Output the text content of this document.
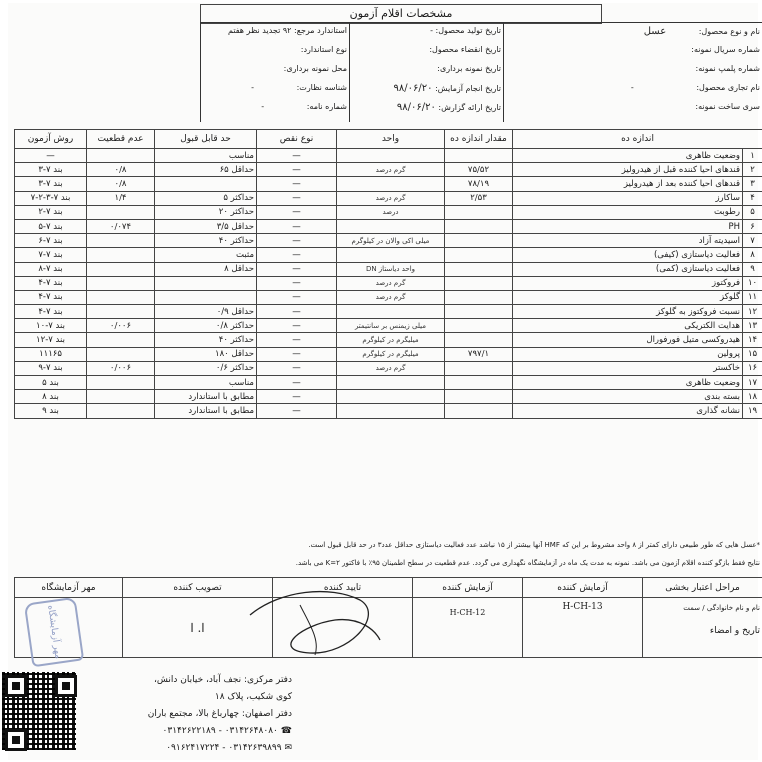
مشخصات اقلام آزمون
نام و نوع محصول: عسل
شماره سریال نمونه:
شماره پلمپ نمونه:
نام تجاری محصول: -
سری ساخت نمونه:
تاریخ تولید محصول: -
تاریخ انقضاء محصول:
تاریخ نمونه برداری:
تاریخ انجام آزمایش: ۹۸/۰۶/۲۰
تاریخ ارائه گزارش: ۹۸/۰۶/۲۰
استاندارد مرجع: ۹۲ تجدید نظر هفتم
نوع استاندارد:
محل نمونه برداری:
شناسه نظارت: -
شماره نامه: -
اندازه ده		مقدار اندازه ده	واحد	نوع نقص	حد قابل قبول	عدم قطعیت	روش آزمون
۱	وضعیت ظاهری			—	مناسب		—
۲	قندهای احیا کننده قبل از هیدرولیز	۷۵/۵۲	گرم درصد	—	حداقل ۶۵	۰/۸	بند ۷-۳
۳	قندهای احیا کننده بعد از هیدرولیز	۷۸/۱۹		—		۰/۸	بند ۷-۳
۴	ساکارز	۲/۵۳	گرم درصد	—	حداکثر ۵	۱/۴	بند ۷-۳-۲-۷
۵	رطوبت		درصد	—	حداکثر ۲۰		بند ۷-۲
۶	PH			—	حداقل ۳/۵	۰/۰۷۴	بند ۷-۵
۷	اسیدیته آزاد		میلی اکی والان در کیلوگرم	—	حداکثر ۴۰		بند ۷-۶
۸	فعالیت دیاستازی (کیفی)			—	مثبت		بند ۷-۷
۹	فعالیت دیاستازی (کمی)		واحد دیاستاز DN	—	حداقل ۸		بند ۷-۸
۱۰	فروکتوز		گرم درصد	—			بند ۷-۴
۱۱	گلوکز		گرم درصد	—			بند ۷-۴
۱۲	نسبت فروکتوز به گلوکز			—	حداقل ۰/۹		بند ۷-۴
۱۳	هدایت الکتریکی		میلی زیمنس بر سانتیمتر	—	حداکثر ۰/۸	۰/۰۰۶	بند ۷-۱۰
۱۴	هیدروکسی متیل فورفورال		میلیگرم در کیلوگرم	—	حداکثر ۴۰		بند ۷-۱۲
۱۵	پرولین	۷۹۷/۱	میلیگرم در کیلوگرم	—	حداقل ۱۸۰		۱۱۱۶۵
۱۶	خاکستر		گرم درصد	—	حداکثر ۰/۶	۰/۰۰۶	بند ۷-۹
۱۷	وضعیت ظاهری			—	مناسب		بند ۵
۱۸	بسته بندی			—	مطابق با استاندارد		بند ۸
۱۹	نشانه گذاری			—	مطابق با استاندارد		بند ۹
*عسل هایی که طور طبیعی دارای کمتر از ۸ واحد مشروط بر این که HMF آنها بیشتر از ۱۵ نباشد عدد فعالیت دیاستازی حداقل عدد۳ در حد قابل قبول است.
نتایج فقط بازگو کننده اقلام آزمون می باشد. نمونه به مدت یک ماه در آزمایشگاه نگهداری می گردد. عدم قطعیت در سطح اطمینان ۹۵٪ با فاکتور K=۲ می باشد.
مراحل اعتبار بخشی	آزمایش کننده	آزمایش کننده	تایید کننده	تصویب کننده	مهر آزمایشگاه

نام و نام خانوادگی / سمت
تاریخ و امضاء	H-CH-13	H-CH-12		ا. ا	
مهر آزمایشگاه
دفتر مرکزی: نجف آباد، خیابان دانش،
کوی شکیب، پلاک ۱۸
دفتر اصفهان: چهارباغ بالا، مجتمع باران
☎ ۰۳۱۴۲۶۴۸۰۸۰ - ۰۳۱۴۲۶۲۲۱۸۹
✉ ۰۳۱۴۲۶۳۹۸۹۹ - ۰۹۱۶۲۴۱۷۲۲۴
